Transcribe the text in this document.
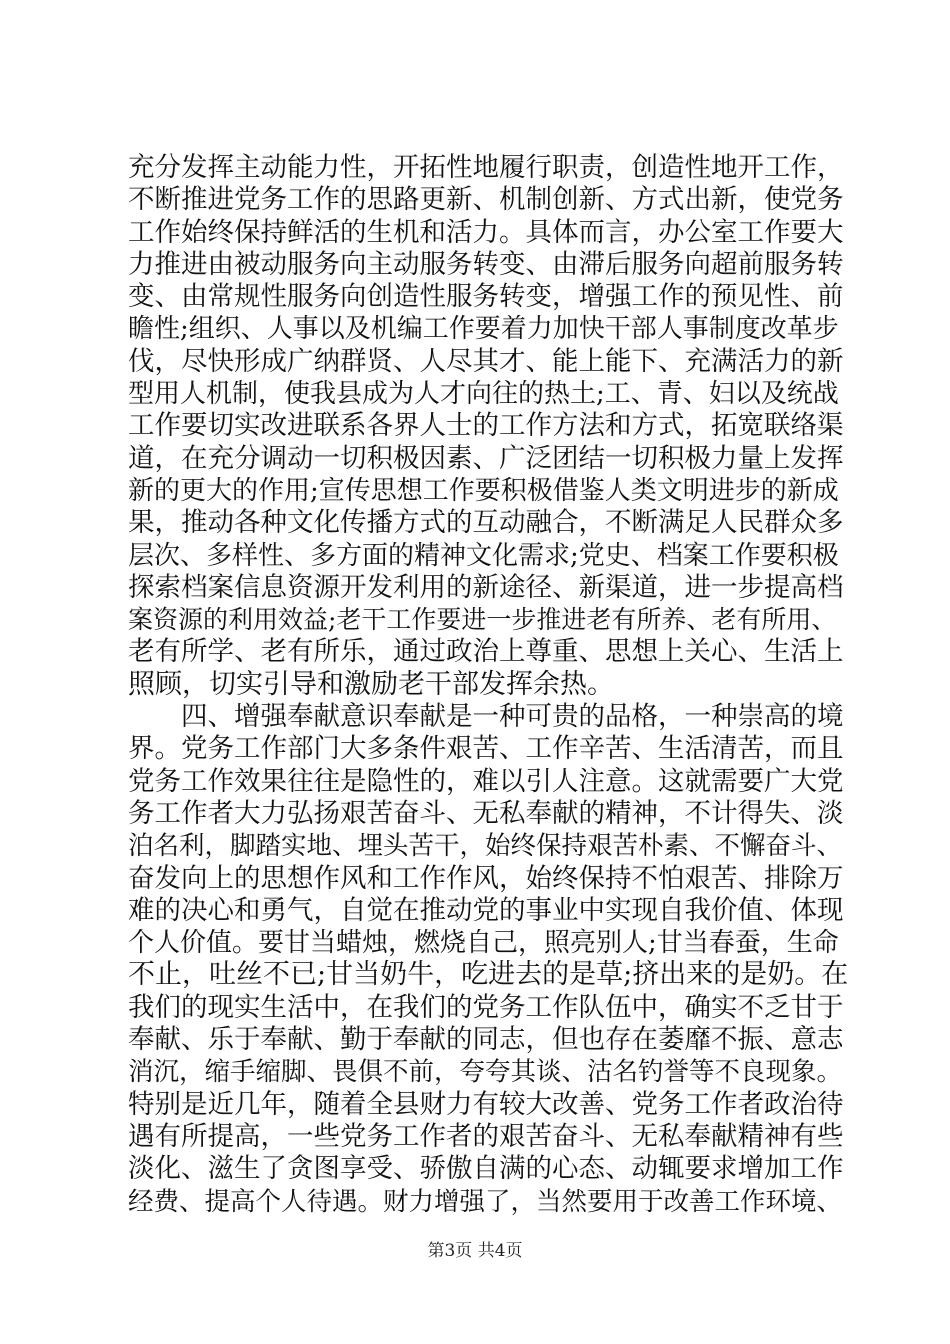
充分发挥主动能力性，开拓性地履行职责，创造性地开工作，
不断推进党务工作的思路更新、机制创新、方式出新，使党务
工作始终保持鲜活的生机和活力。具体而言，办公室工作要大
力推进由被动服务向主动服务转变、由滞后服务向超前服务转
变、由常规性服务向创造性服务转变，增强工作的预见性、前
瞻性;组织、人事以及机编工作要着力加快干部人事制度改革步
伐，尽快形成广纳群贤、人尽其才、能上能下、充满活力的新
型用人机制，使我县成为人才向往的热土;工、青、妇以及统战
工作要切实改进联系各界人士的工作方法和方式，拓宽联络渠
道，在充分调动一切积极因素、广泛团结一切积极力量上发挥
新的更大的作用;宣传思想工作要积极借鉴人类文明进步的新成
果，推动各种文化传播方式的互动融合，不断满足人民群众多
层次、多样性、多方面的精神文化需求;党史、档案工作要积极
探索档案信息资源开发利用的新途径、新渠道，进一步提高档
案资源的利用效益;老干工作要进一步推进老有所养、老有所用、
老有所学、老有所乐，通过政治上尊重、思想上关心、生活上
照顾，切实引导和激励老干部发挥余热。
　　四、增强奉献意识奉献是一种可贵的品格，一种崇高的境
界。党务工作部门大多条件艰苦、工作辛苦、生活清苦，而且
党务工作效果往往是隐性的，难以引人注意。这就需要广大党
务工作者大力弘扬艰苦奋斗、无私奉献的精神，不计得失、淡
泊名利，脚踏实地、埋头苦干，始终保持艰苦朴素、不懈奋斗、
奋发向上的思想作风和工作作风，始终保持不怕艰苦、排除万
难的决心和勇气，自觉在推动党的事业中实现自我价值、体现
个人价值。要甘当蜡烛，燃烧自己，照亮别人;甘当春蚕，生命
不止，吐丝不已;甘当奶牛，吃进去的是草;挤出来的是奶。在
我们的现实生活中，在我们的党务工作队伍中，确实不乏甘于
奉献、乐于奉献、勤于奉献的同志，但也存在萎靡不振、意志
消沉，缩手缩脚、畏俱不前，夸夸其谈、沽名钓誉等不良现象。
特别是近几年，随着全县财力有较大改善、党务工作者政治待
遇有所提高，一些党务工作者的艰苦奋斗、无私奉献精神有些
淡化、滋生了贪图享受、骄傲自满的心态、动辄要求增加工作
经费、提高个人待遇。财力增强了，当然要用于改善工作环境、
第3页 共4页
